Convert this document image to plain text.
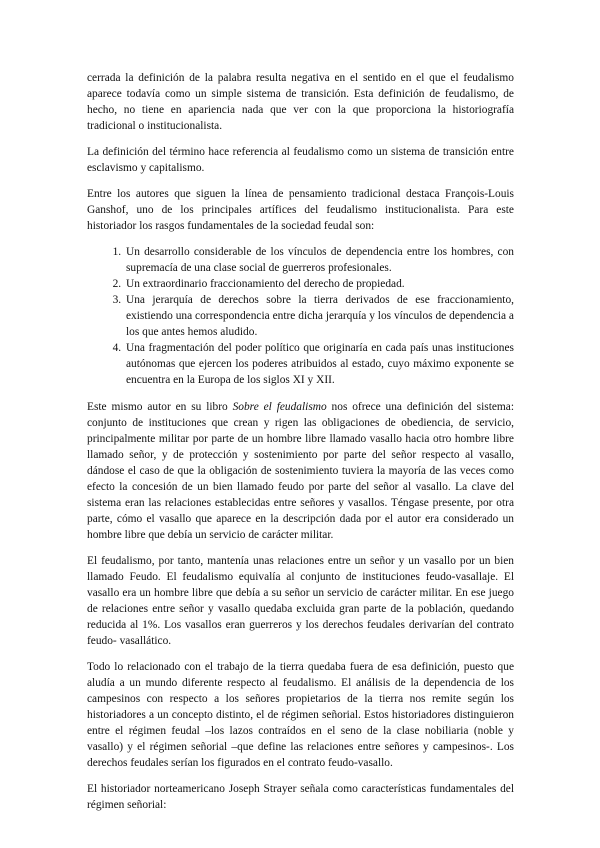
cerrada la definición de la palabra resulta negativa en el sentido en el que el feudalismo aparece todavía como un simple sistema de transición. Esta definición de feudalismo, de hecho, no tiene en apariencia nada que ver con la que proporciona la historiografía tradicional o institucionalista.

La definición del término hace referencia al feudalismo como un sistema de transición entre esclavismo y capitalismo.

Entre los autores que siguen la línea de pensamiento tradicional destaca François-Louis Ganshof, uno de los principales artífices del feudalismo institucionalista. Para este historiador los rasgos fundamentales de la sociedad feudal son:

1. Un desarrollo considerable de los vínculos de dependencia entre los hombres, con supremacía de una clase social de guerreros profesionales.
2. Un extraordinario fraccionamiento del derecho de propiedad.
3. Una jerarquía de derechos sobre la tierra derivados de ese fraccionamiento, existiendo una correspondencia entre dicha jerarquía y los vínculos de dependencia a los que antes hemos aludido.
4. Una fragmentación del poder político que originaría en cada país unas instituciones autónomas que ejercen los poderes atribuidos al estado, cuyo máximo exponente se encuentra en la Europa de los siglos XI y XII.

Este mismo autor en su libro Sobre el feudalismo nos ofrece una definición del sistema: conjunto de instituciones que crean y rigen las obligaciones de obediencia, de servicio, principalmente militar por parte de un hombre libre llamado vasallo hacia otro hombre libre llamado señor, y de protección y sostenimiento por parte del señor respecto al vasallo, dándose el caso de que la obligación de sostenimiento tuviera la mayoría de las veces como efecto la concesión de un bien llamado feudo por parte del señor al vasallo. La clave del sistema eran las relaciones establecidas entre señores y vasallos. Téngase presente, por otra parte, cómo el vasallo que aparece en la descripción dada por el autor era considerado un hombre libre que debía un servicio de carácter militar.

El feudalismo, por tanto, mantenía unas relaciones entre un señor y un vasallo por un bien llamado Feudo. El feudalismo equivalía al conjunto de instituciones feudo-vasallaje. El vasallo era un hombre libre que debía a su señor un servicio de carácter militar. En ese juego de relaciones entre señor y vasallo quedaba excluida gran parte de la población, quedando reducida al 1%. Los vasallos eran guerreros y los derechos feudales derivarían del contrato feudo- vasallático.

Todo lo relacionado con el trabajo de la tierra quedaba fuera de esa definición, puesto que aludía a un mundo diferente respecto al feudalismo. El análisis de la dependencia de los campesinos con respecto a los señores propietarios de la tierra nos remite según los historiadores a un concepto distinto, el de régimen señorial. Estos historiadores distinguieron entre el régimen feudal –los lazos contraídos en el seno de la clase nobiliaria (noble y vasallo) y el régimen señorial –que define las relaciones entre señores y campesinos-. Los derechos feudales serían los figurados en el contrato feudo-vasallo.

El historiador norteamericano Joseph Strayer señala como características fundamentales del régimen señorial:
